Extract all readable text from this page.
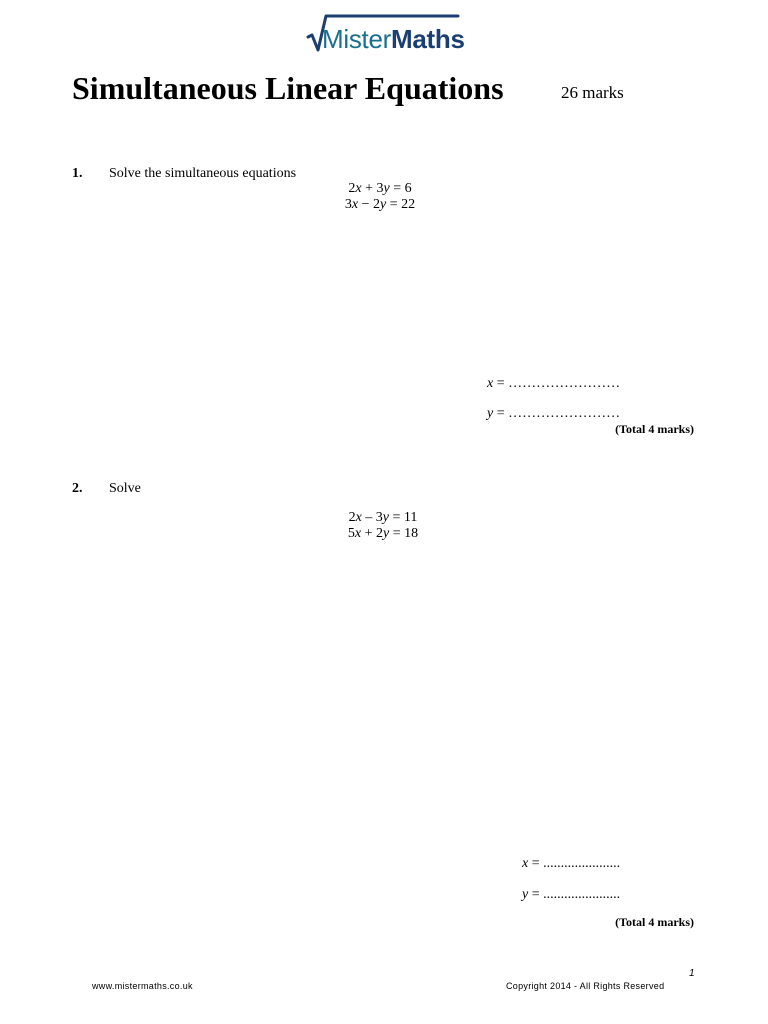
MisterMaths
Simultaneous Linear Equations	26 marks
1. Solve the simultaneous equations
2x + 3y = 6
3x − 2y = 22
x = ……………………
y = ……………………
(Total 4 marks)
2. Solve
2x – 3y = 11
5x + 2y = 18
x = ......................
y = ......................
(Total 4 marks)
1
www.mistermaths.co.uk	Copyright 2014 - All Rights Reserved
